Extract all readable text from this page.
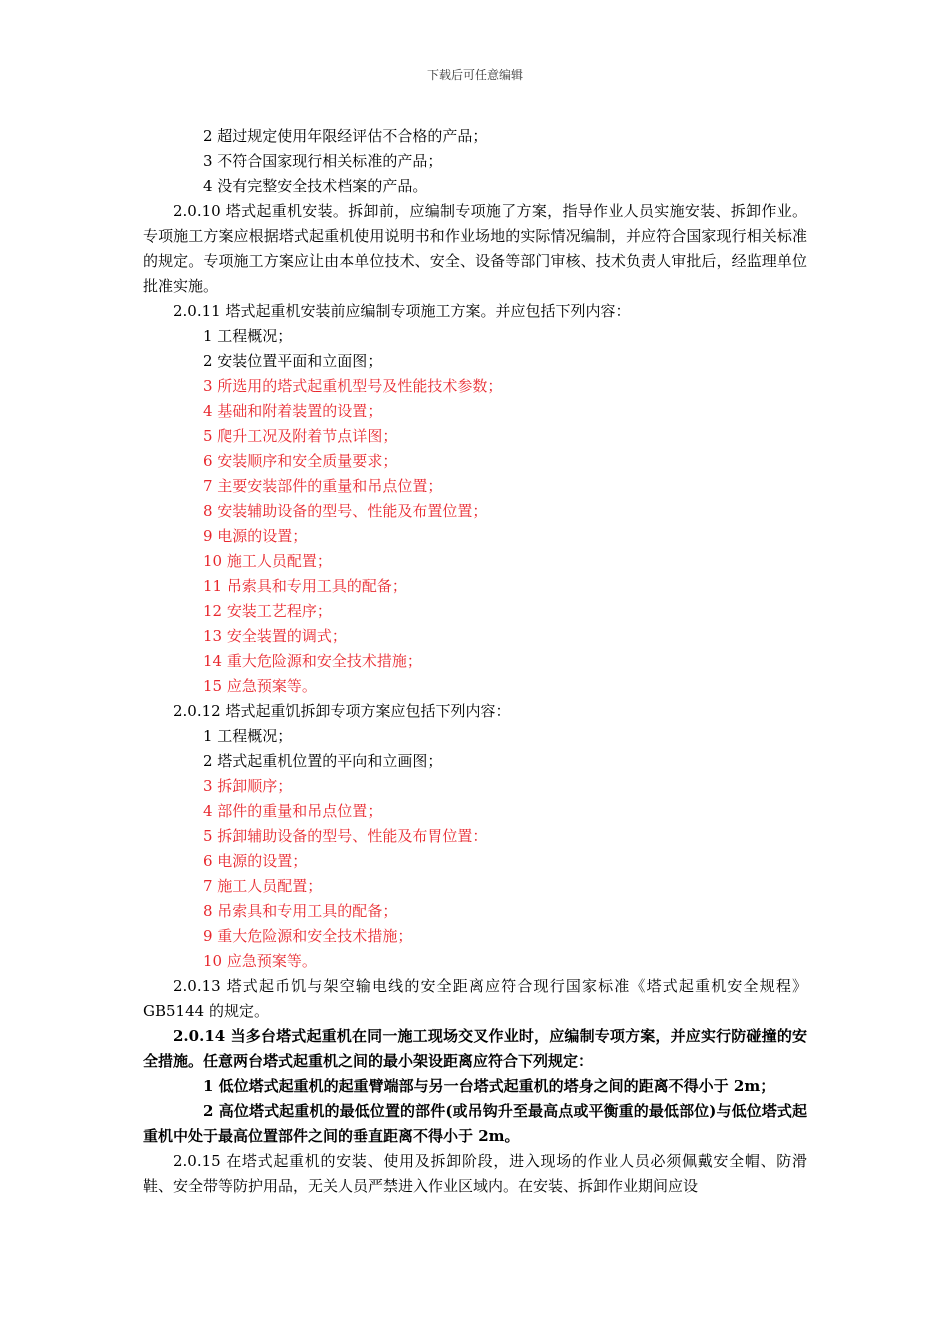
下载后可任意编辑

2 超过规定使用年限经评估不合格的产品；

3 不符合国家现行相关标准的产品；

4 没有完整安全技术档案的产品。

2.0.10 塔式起重机安装。拆卸前，应编制专项施了方案，指导作业人员实施安装、拆卸作业。专项施工方案应根据塔式起重机使用说明书和作业场地的实际情况编制，并应符合国家现行相关标准的规定。专项施工方案应让由本单位技术、安全、设备等部门审核、技术负责人审批后，经监理单位批准实施。

2.0.11 塔式起重机安装前应编制专项施工方案。并应包括下列内容：

1 工程概况；

2 安装位置平面和立面图；

3 所选用的塔式起重机型号及性能技术参数；

4 基础和附着装置的设置；

5 爬升工况及附着节点详图；

6 安装顺序和安全质量要求；

7 主要安装部件的重量和吊点位置；

8 安装辅助设备的型号、性能及布置位置；

9 电源的设置；

10 施工人员配置；

11 吊索具和专用工具的配备；

12 安装工艺程序；

13 安全装置的调式；

14 重大危险源和安全技术措施；

15 应急预案等。

2.0.12 塔式起重饥拆卸专项方案应包括下列内容：

1 工程概况；

2 塔式起重机位置的平向和立画图；

3 拆卸顺序；

4 部件的重量和吊点位置；

5 拆卸辅助设备的型号、性能及布胃位置：

6 电源的设置；

7 施工人员配置；

8 吊索具和专用工具的配备；

9 重大危险源和安全技术措施；

10 应急预案等。

2.0.13 塔式起币饥与架空输电线的安全距离应符合现行国家标准《塔式起重机安全规程》GB5144 的规定。

2.0.14 当多台塔式起重机在同一施工现场交叉作业时，应编制专项方案，并应实行防碰撞的安全措施。任意两台塔式起重机之间的最小架设距离应符合下列规定：

1 低位塔式起重机的起重臂端部与另一台塔式起重机的塔身之间的距离不得小于 2m；

2 高位塔式起重机的最低位置的部件(或吊钩升至最高点或平衡重的最低部位)与低位塔式起重机中处于最高位置部件之间的垂直距离不得小于 2m。

2.0.15 在塔式起重机的安装、使用及拆卸阶段，进入现场的作业人员必须佩戴安全帽、防滑鞋、安全带等防护用品，无关人员严禁进入作业区域内。在安装、拆卸作业期间应设
